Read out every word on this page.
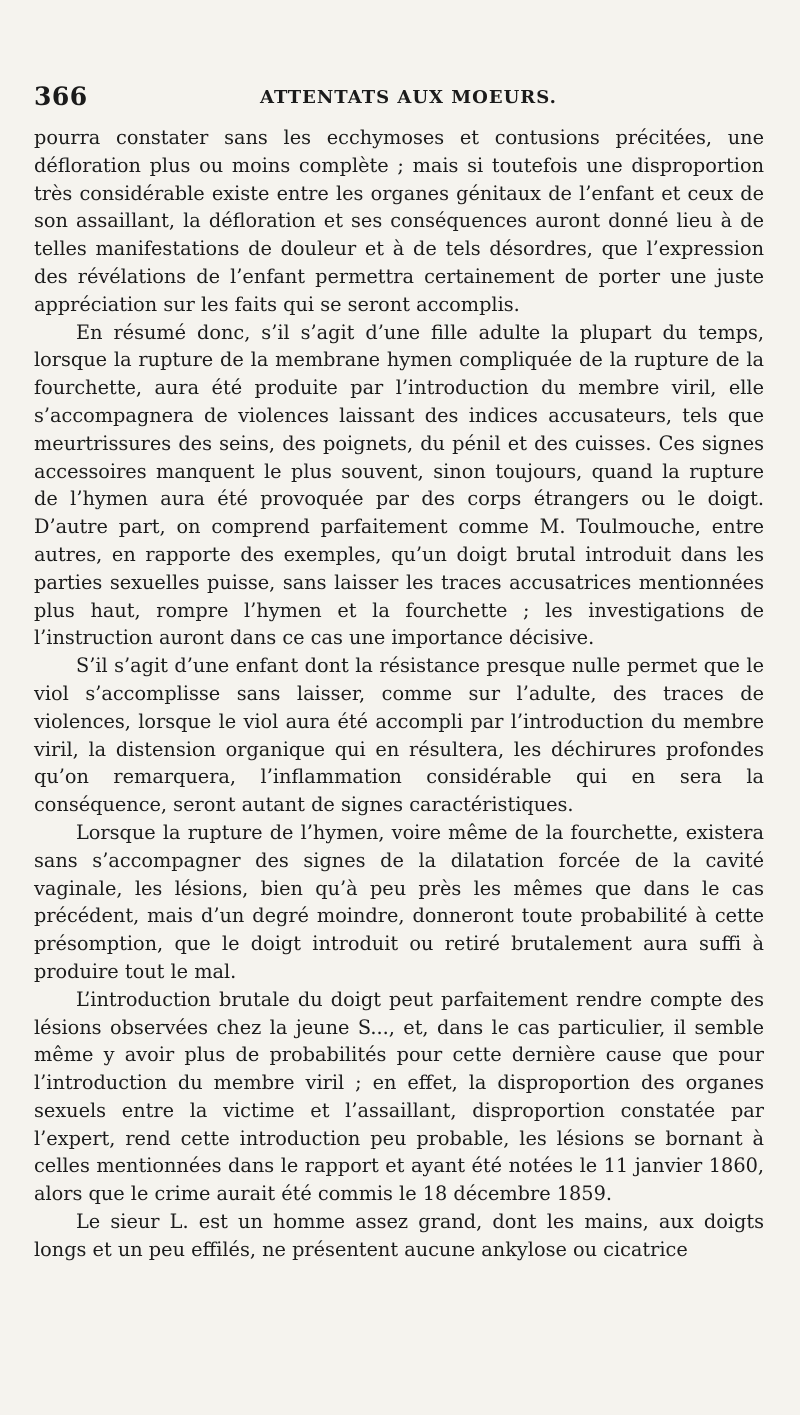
366	ATTENTATS AUX MOEURS.

pourra constater sans les ecchymoses et contusions précitées, une défloration plus ou moins complète ; mais si toutefois une disproportion très considérable existe entre les organes génitaux de l’enfant et ceux de son assaillant, la défloration et ses conséquences auront donné lieu à de telles manifestations de douleur et à de tels désordres, que l’expression des révélations de l’enfant permettra certainement de porter une juste appréciation sur les faits qui se seront accomplis.

En résumé donc, s’il s’agit d’une fille adulte la plupart du temps, lorsque la rupture de la membrane hymen compliquée de la rupture de la fourchette, aura été produite par l’introduction du membre viril, elle s’accompagnera de violences laissant des indices accusateurs, tels que meurtrissures des seins, des poignets, du pénil et des cuisses. Ces signes accessoires manquent le plus souvent, sinon toujours, quand la rupture de l’hymen aura été provoquée par des corps étrangers ou le doigt. D’autre part, on comprend parfaitement comme M. Toulmouche, entre autres, en rapporte des exemples, qu’un doigt brutal introduit dans les parties sexuelles puisse, sans laisser les traces accusatrices mentionnées plus haut, rompre l’hymen et la fourchette ; les investigations de l’instruction auront dans ce cas une importance décisive.

S’il s’agit d’une enfant dont la résistance presque nulle permet que le viol s’accomplisse sans laisser, comme sur l’adulte, des traces de violences, lorsque le viol aura été accompli par l’introduction du membre viril, la distension organique qui en résultera, les déchirures profondes qu’on remarquera, l’inflammation considérable qui en sera la conséquence, seront autant de signes caractéristiques.

Lorsque la rupture de l’hymen, voire même de la fourchette, existera sans s’accompagner des signes de la dilatation forcée de la cavité vaginale, les lésions, bien qu’à peu près les mêmes que dans le cas précédent, mais d’un degré moindre, donneront toute probabilité à cette présomption, que le doigt introduit ou retiré brutalement aura suffi à produire tout le mal.

L’introduction brutale du doigt peut parfaitement rendre compte des lésions observées chez la jeune S..., et, dans le cas particulier, il semble même y avoir plus de probabilités pour cette dernière cause que pour l’introduction du membre viril ; en effet, la disproportion des organes sexuels entre la victime et l’assaillant, disproportion constatée par l’expert, rend cette introduction peu probable, les lésions se bornant à celles mentionnées dans le rapport et ayant été notées le 11 janvier 1860, alors que le crime aurait été commis le 18 décembre 1859.

Le sieur L. est un homme assez grand, dont les mains, aux doigts longs et un peu effilés, ne présentent aucune ankylose ou cicatrice
